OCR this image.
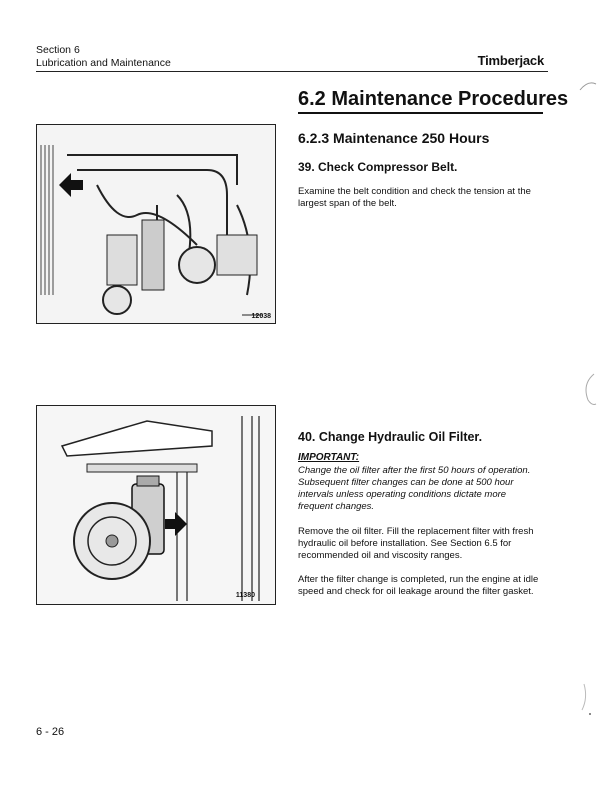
Section 6
Lubrication and Maintenance	Timberjack
6.2 Maintenance Procedures
6.2.3 Maintenance 250 Hours
39. Check Compressor Belt.
Examine the belt condition and check the tension at the largest span of the belt.
12038
11380
40. Change Hydraulic Oil Filter.
IMPORTANT:
Change the oil filter after the first 50 hours of operation. Subsequent filter changes can be done at 500 hour intervals unless operating conditions dictate more frequent changes.
Remove the oil filter. Fill the replacement filter with fresh hydraulic oil before installation. See Section 6.5 for recommended oil and viscosity ranges.
After the filter change is completed, run the engine at idle speed and check for oil leakage around the filter gasket.
6 - 26
